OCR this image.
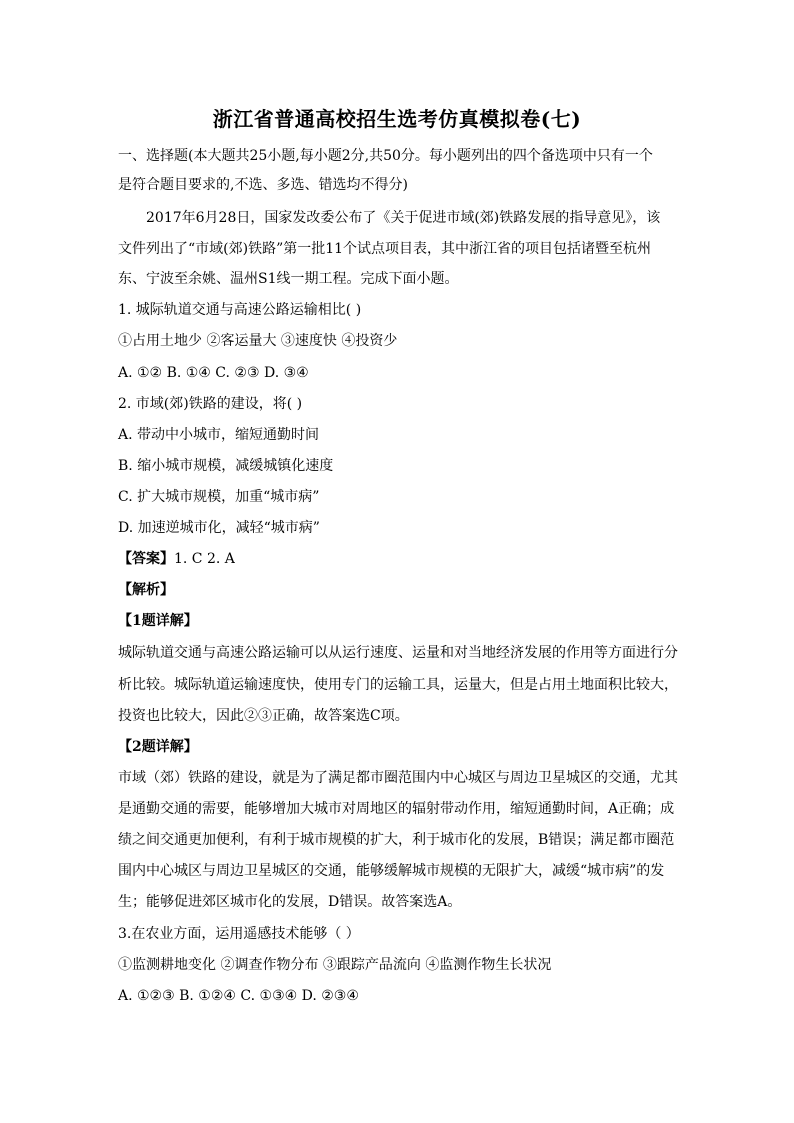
浙江省普通高校招生选考仿真模拟卷(七)
一、选择题(本大题共25小题,每小题2分,共50分。每小题列出的四个备选项中只有一个
是符合题目要求的,不选、多选、错选均不得分)
2017年6月28日，国家发改委公布了《关于促进市域(郊)铁路发展的指导意见》，该
文件列出了“市域(郊)铁路”第一批11个试点项目表，其中浙江省的项目包括诸暨至杭州
东、宁波至余姚、温州S1线一期工程。完成下面小题。
1. 城际轨道交通与高速公路运输相比( )
①占用土地少 ②客运量大 ③速度快 ④投资少
A. ①② B. ①④ C. ②③ D. ③④
2. 市域(郊)铁路的建设，将( )
A. 带动中小城市，缩短通勤时间
B. 缩小城市规模，减缓城镇化速度
C. 扩大城市规模，加重“城市病”
D. 加速逆城市化，减轻“城市病”
【答案】1. C 2. A
【解析】
【1题详解】
城际轨道交通与高速公路运输可以从运行速度、运量和对当地经济发展的作用等方面进行分
析比较。城际轨道运输速度快，使用专门的运输工具，运量大，但是占用土地面积比较大，
投资也比较大，因此②③正确，故答案选C项。
【2题详解】
市域（郊）铁路的建设，就是为了满足都市圈范围内中心城区与周边卫星城区的交通，尤其
是通勤交通的需要，能够增加大城市对周地区的辐射带动作用，缩短通勤时间，A正确；成
绩之间交通更加便利，有利于城市规模的扩大，利于城市化的发展，B错误；满足都市圈范
围内中心城区与周边卫星城区的交通，能够缓解城市规模的无限扩大，减缓“城市病”的发
生；能够促进郊区城市化的发展，D错误。故答案选A。
3.在农业方面，运用遥感技术能够（ ）
①监测耕地变化 ②调查作物分布 ③跟踪产品流向 ④监测作物生长状况
A. ①②③ B. ①②④ C. ①③④ D. ②③④
